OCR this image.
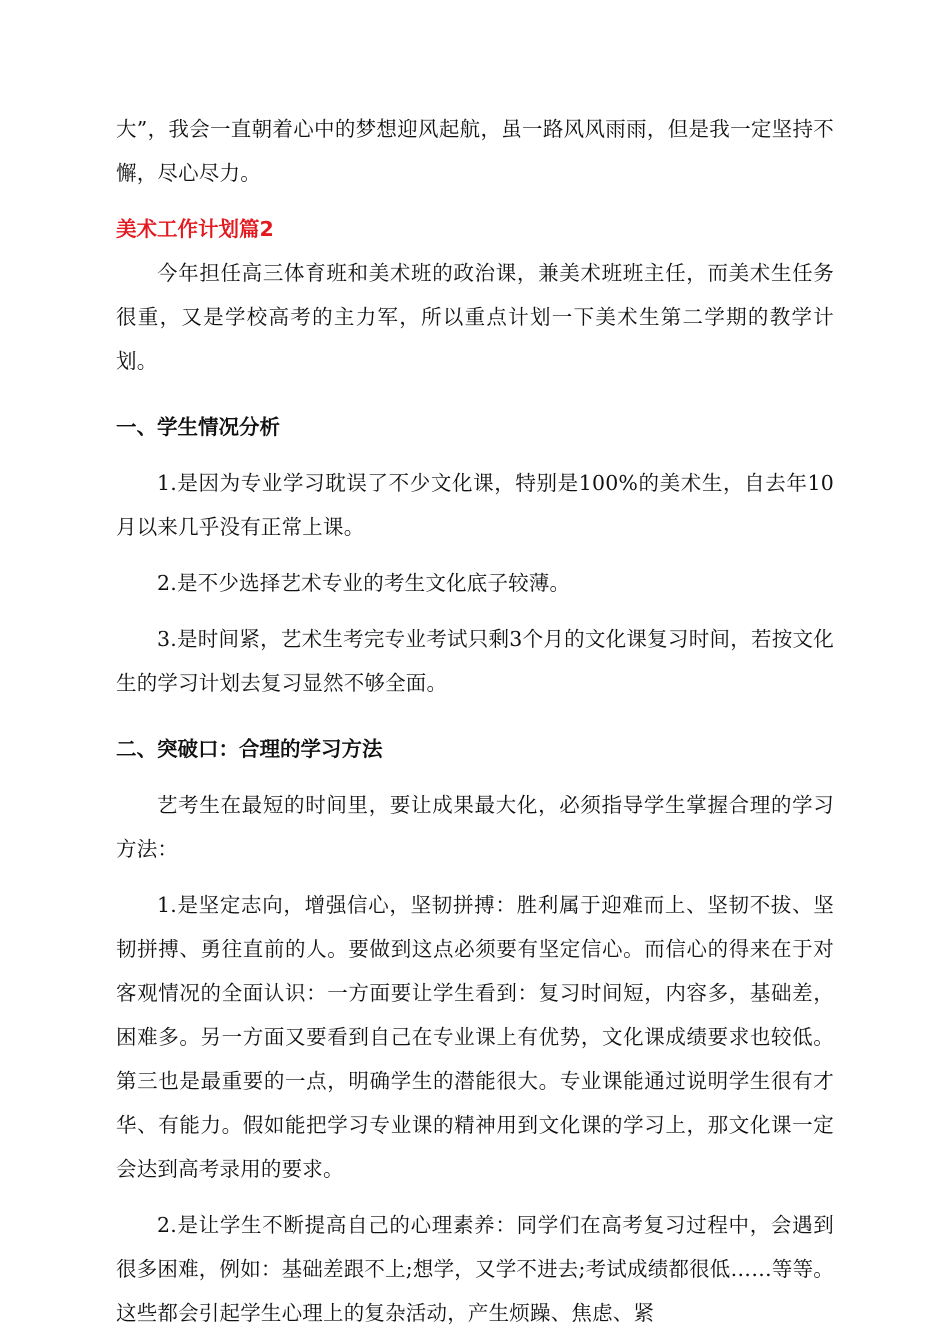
大”，我会一直朝着心中的梦想迎风起航，虽一路风风雨雨，但是我一定坚持不懈，尽心尽力。

美术工作计划篇2

今年担任高三体育班和美术班的政治课，兼美术班班主任，而美术生任务很重，又是学校高考的主力军，所以重点计划一下美术生第二学期的教学计划。

一、学生情况分析

1.是因为专业学习耽误了不少文化课，特别是100%的美术生，自去年10月以来几乎没有正常上课。

2.是不少选择艺术专业的考生文化底子较薄。

3.是时间紧，艺术生考完专业考试只剩3个月的文化课复习时间，若按文化生的学习计划去复习显然不够全面。

二、突破口：合理的学习方法

艺考生在最短的时间里，要让成果最大化，必须指导学生掌握合理的学习方法：

1.是坚定志向，增强信心，坚韧拼搏：胜利属于迎难而上、坚韧不拔、坚韧拼搏、勇往直前的人。要做到这点必须要有坚定信心。而信心的得来在于对客观情况的全面认识：一方面要让学生看到：复习时间短，内容多，基础差，困难多。另一方面又要看到自己在专业课上有优势，文化课成绩要求也较低。第三也是最重要的一点，明确学生的潜能很大。专业课能通过说明学生很有才华、有能力。假如能把学习专业课的精神用到文化课的学习上，那文化课一定会达到高考录用的要求。

2.是让学生不断提高自己的心理素养：同学们在高考复习过程中，会遇到很多困难，例如：基础差跟不上;想学，又学不进去;考试成绩都很低……等等。这些都会引起学生心理上的复杂活动，产生烦躁、焦虑、紧
